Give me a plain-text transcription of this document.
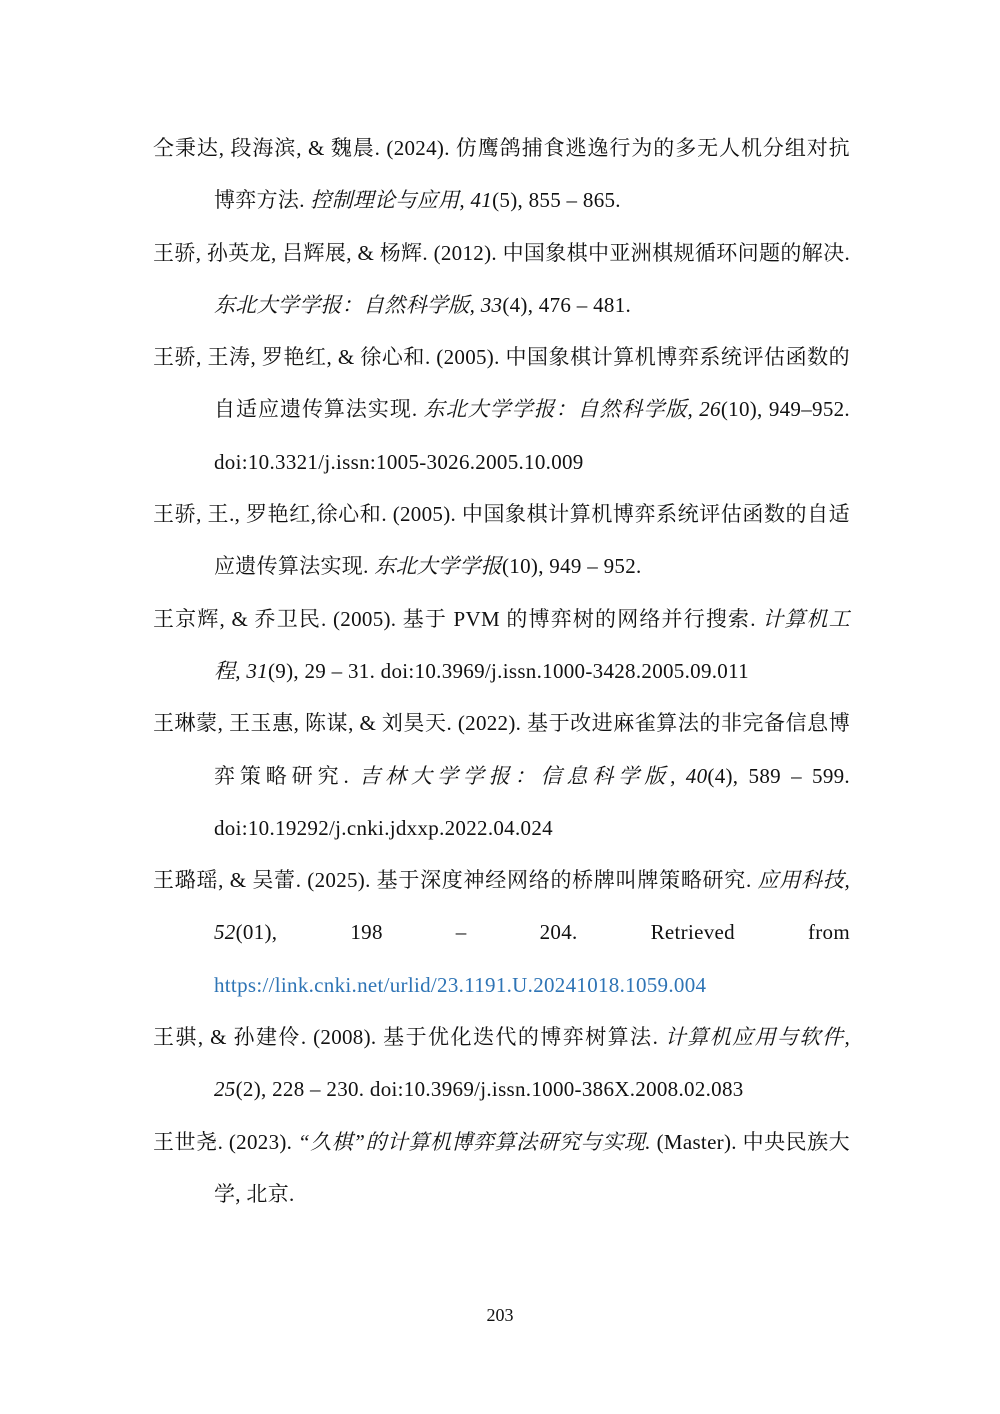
仝秉达, 段海滨, & 魏晨. (2024). 仿鹰鸽捕食逃逸行为的多无人机分组对抗博弈方法. 控制理论与应用, 41(5), 855 – 865.
王骄, 孙英龙, 吕辉展, & 杨辉. (2012). 中国象棋中亚洲棋规循环问题的解决. 东北大学学报：自然科学版, 33(4), 476 – 481.
王骄, 王涛, 罗艳红, & 徐心和. (2005). 中国象棋计算机博弈系统评估函数的自适应遗传算法实现. 东北大学学报：自然科学版, 26(10), 949–952. doi:10.3321/j.issn:1005-3026.2005.10.009
王骄, 王., 罗艳红,徐心和. (2005). 中国象棋计算机博弈系统评估函数的自适应遗传算法实现. 东北大学学报(10), 949 – 952.
王京辉, & 乔卫民. (2005). 基于 PVM 的博弈树的网络并行搜索. 计算机工程, 31(9), 29 – 31. doi:10.3969/j.issn.1000-3428.2005.09.011
王琳蒙, 王玉惠, 陈谋, & 刘昊天. (2022). 基于改进麻雀算法的非完备信息博弈策略研究. 吉林大学学报：信息科学版, 40(4), 589 – 599. doi:10.19292/j.cnki.jdxxp.2022.04.024
王璐瑶, & 吴蕾. (2025). 基于深度神经网络的桥牌叫牌策略研究. 应用科技, 52(01), 198 – 204. Retrieved from https://link.cnki.net/urlid/23.1191.U.20241018.1059.004
王骐, & 孙建伶. (2008). 基于优化迭代的博弈树算法. 计算机应用与软件, 25(2), 228 – 230. doi:10.3969/j.issn.1000-386X.2008.02.083
王世尧. (2023). “久棋”的计算机博弈算法研究与实现. (Master). 中央民族大学, 北京.
203
